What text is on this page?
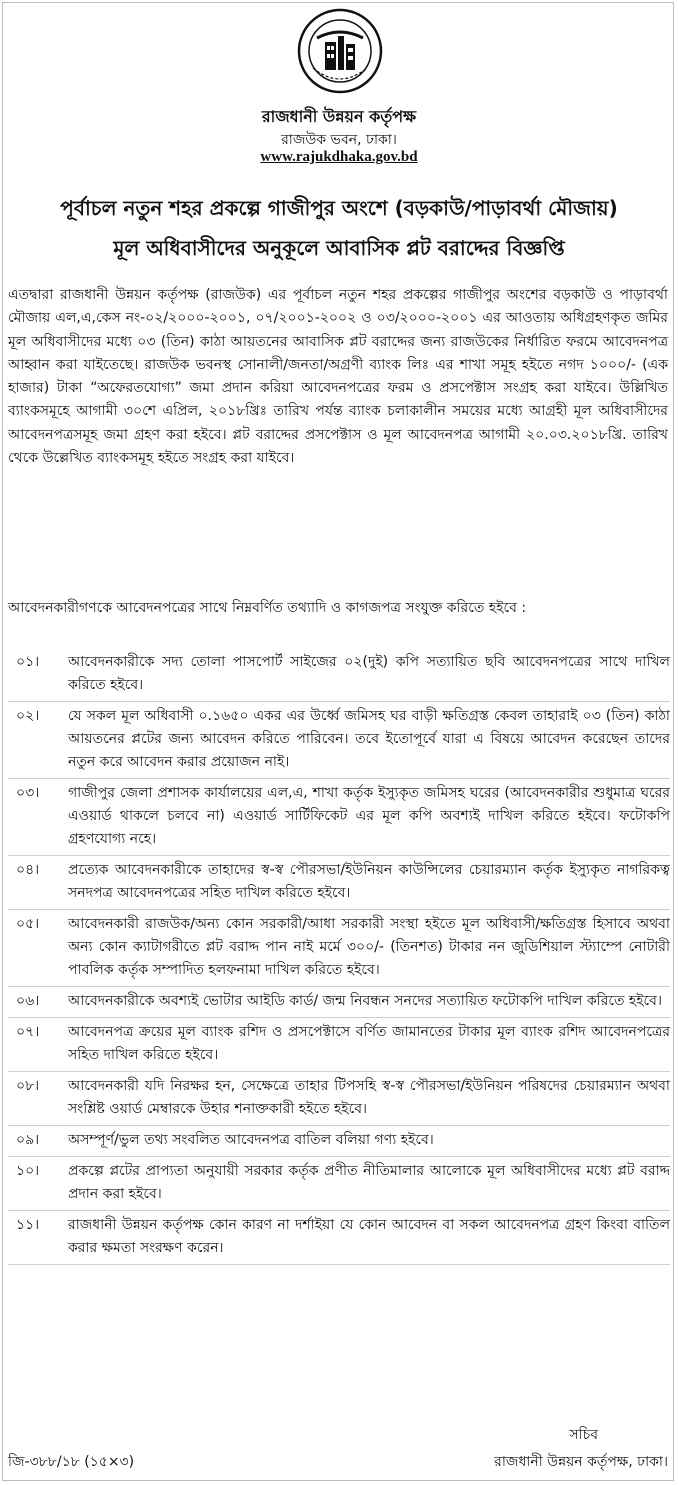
রাজধানী উন্নয়ন কর্তৃপক্ষ

রাজউক ভবন, ঢাকা।

www.rajukdhaka.gov.bd

পূর্বাচল নতুন শহর প্রকল্পে গাজীপুর অংশে (বড়কাউ/পাড়াবর্থা মৌজায়)
মূল অধিবাসীদের অনুকূলে আবাসিক প্লট বরাদ্দের বিজ্ঞপ্তি

এতদ্বারা রাজধানী উন্নয়ন কর্তৃপক্ষ (রাজউক) এর পূর্বাচল নতুন শহর প্রকল্পের গাজীপুর অংশের বড়কাউ ও পাড়াবর্থা মৌজায় এল,এ,কেস নং-০২/২০০০-২০০১, ০৭/২০০১-২০০২ ও ০৩/২০০০-২০০১ এর আওতায় অধিগ্রহণকৃত জমির মূল অধিবাসীদের মধ্যে ০৩ (তিন) কাঠা আয়তনের আবাসিক প্লট বরাদ্দের জন্য রাজউকের নির্ধারিত ফরমে আবেদনপত্র আহ্বান করা যাইতেছে। রাজউক ভবনস্থ সোনালী/জনতা/অগ্রণী ব্যাংক লিঃ এর শাখা সমূহ হইতে নগদ ১০০০/- (এক হাজার) টাকা “অফেরতযোগ্য” জমা প্রদান করিয়া আবেদনপত্রের ফরম ও প্রসপেক্টাস সংগ্রহ করা যাইবে। উল্লিখিত ব্যাংকসমূহে আগামী ৩০শে এপ্রিল, ২০১৮খ্রিঃ তারিখ পর্যন্ত ব্যাংক চলাকালীন সময়ের মধ্যে আগ্রহী মূল অধিবাসীদের আবেদনপত্রসমূহ জমা গ্রহণ করা হইবে। প্লট বরাদ্দের প্রসপেক্টাস ও মূল আবেদনপত্র আগামী ২০.০৩.২০১৮খ্রি. তারিখ থেকে উল্লেখিত ব্যাংকসমূহ হইতে সংগ্রহ করা যাইবে।

আবেদনকারীগণকে আবেদনপত্রের সাথে নিম্নবর্ণিত তথ্যাদি ও কাগজপত্র সংযুক্ত করিতে হইবে :

০১।	আবেদনকারীকে সদ্য তোলা পাসপোর্ট সাইজের ০২(দুই) কপি সত্যায়িত ছবি আবেদনপত্রের সাথে দাখিল করিতে হইবে।
০২।	যে সকল মূল অধিবাসী ০.১৬৫০ একর এর উর্ধ্বে জমিসহ ঘর বাড়ী ক্ষতিগ্রস্ত কেবল তাহারাই ০৩ (তিন) কাঠা আয়তনের প্লটের জন্য আবেদন করিতে পারিবেন। তবে ইতোপূর্বে যারা এ বিষয়ে আবেদন করেছেন তাদের নতুন করে আবেদন করার প্রয়োজন নাই।
০৩।	গাজীপুর জেলা প্রশাসক কার্যালয়ের এল,এ, শাখা কর্তৃক ইস্যুকৃত জমিসহ ঘরের (আবেদনকারীর শুধুমাত্র ঘরের এওয়ার্ড থাকলে চলবে না) এওয়ার্ড সার্টিফিকেট এর মূল কপি অবশ্যই দাখিল করিতে হইবে। ফটোকপি গ্রহণযোগ্য নহে।
০৪।	প্রত্যেক আবেদনকারীকে তাহাদের স্ব-স্ব পৌরসভা/ইউনিয়ন কাউন্সিলের চেয়ারম্যান কর্তৃক ইস্যুকৃত নাগরিকত্ব সনদপত্র আবেদনপত্রের সহিত দাখিল করিতে হইবে।
০৫।	আবেদনকারী রাজউক/অন্য কোন সরকারী/আধা সরকারী সংস্থা হইতে মূল অধিবাসী/ক্ষতিগ্রস্ত হিসাবে অথবা অন্য কোন ক্যাটাগরীতে প্লট বরাদ্দ পান নাই মর্মে ৩০০/- (তিনশত) টাকার নন জুডিশিয়াল স্ট্যাম্পে নোটারী পাবলিক কর্তৃক সম্পাদিত হলফনামা দাখিল করিতে হইবে।
০৬।	আবেদনকারীকে অবশ্যই ভোটার আইডি কার্ড/ জন্ম নিবন্ধন সনদের সত্যায়িত ফটোকপি দাখিল করিতে হইবে।
০৭।	আবেদনপত্র ক্রয়ের মূল ব্যাংক রশিদ ও প্রসপেক্টাসে বর্ণিত জামানতের টাকার মূল ব্যাংক রশিদ আবেদনপত্রের সহিত দাখিল করিতে হইবে।
০৮।	আবেদনকারী যদি নিরক্ষর হন, সেক্ষেত্রে তাহার টিপসহি স্ব-স্ব পৌরসভা/ইউনিয়ন পরিষদের চেয়ারম্যান অথবা সংশ্লিষ্ট ওয়ার্ড মেম্বারকে উহার শনাক্তকারী হইতে হইবে।
০৯।	অসম্পূর্ণ/ভুল তথ্য সংবলিত আবেদনপত্র বাতিল বলিয়া গণ্য হইবে।
১০।	প্রকল্পে প্লটের প্রাপ্যতা অনুযায়ী সরকার কর্তৃক প্রণীত নীতিমালার আলোকে মূল অধিবাসীদের মধ্যে প্লট বরাদ্দ প্রদান করা হইবে।
১১।	রাজধানী উন্নয়ন কর্তৃপক্ষ কোন কারণ না দর্শাইয়া যে কোন আবেদন বা সকল আবেদনপত্র গ্রহণ কিংবা বাতিল করার ক্ষমতা সংরক্ষণ করেন।

সচিব

রাজধানী উন্নয়ন কর্তৃপক্ষ, ঢাকা।

জি-৩৮৮/১৮ (১৫×৩)
